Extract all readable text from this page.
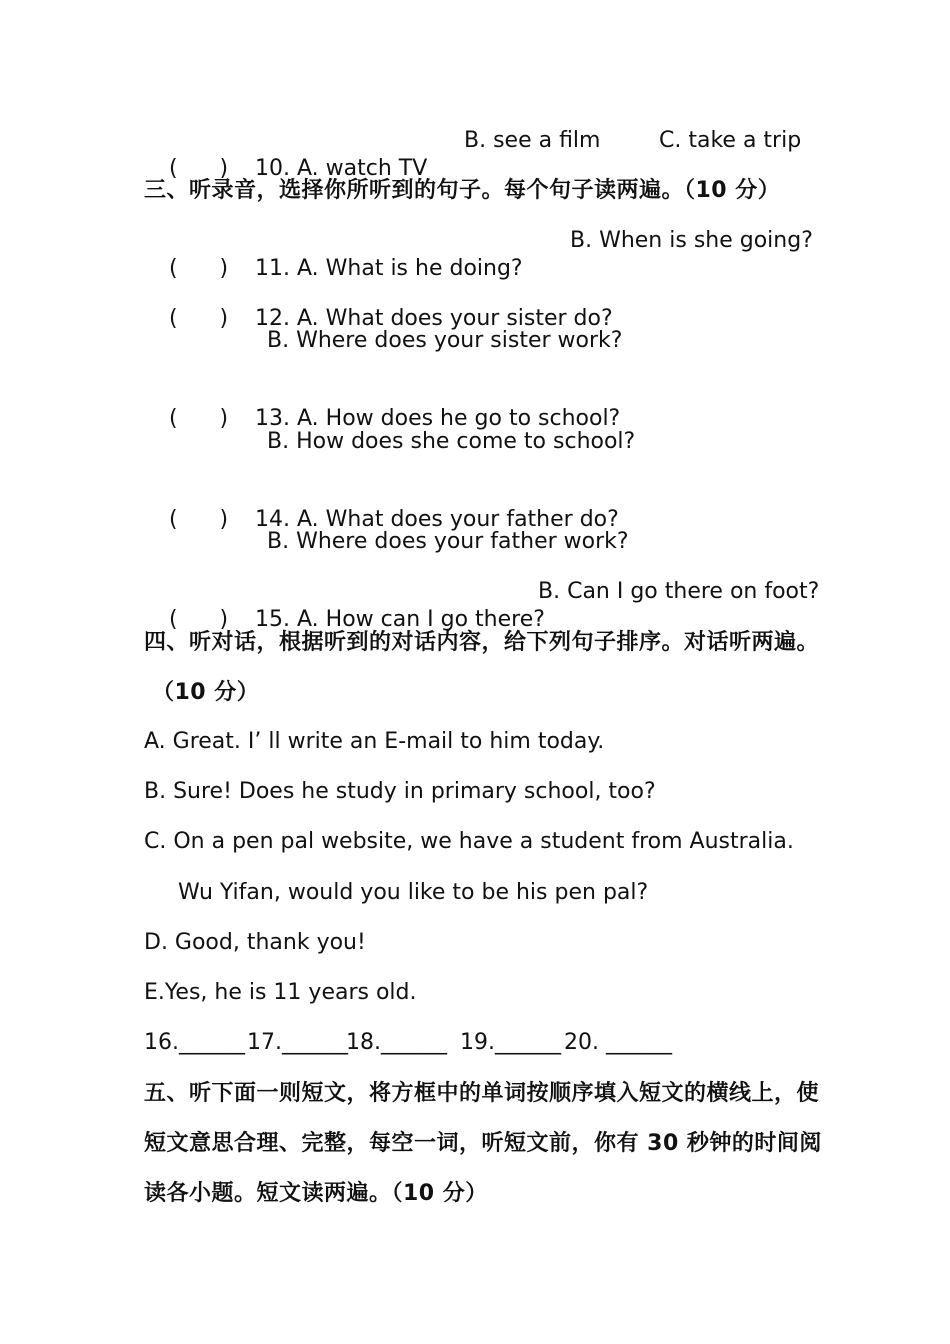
(      ) 10. A. watch TV

B. see a film	C. take a trip
三、听录音，选择你所听到的句子。每个句子读两遍。（10 分）

(      ) 11. A. What is he doing?

B. When is she going?

(      ) 12. A. What does your sister do?

B. Where does your sister work?

(      ) 13. A. How does he go to school?

B. How does she come to school?

(      ) 14. A. What does your father do?

B. Where does your father work?

(      ) 15. A. How can I go there?

B. Can I go there on foot?
四、听对话，根据听到的对话内容，给下列句子排序。对话听两遍。
（10 分）
A. Great. I’ ll write an E-mail to him today.
B. Sure! Does he study in primary school, too?
C. On a pen pal website, we have a student from Australia.
Wu Yifan, would you like to be his pen pal?
D. Good, thank you!
E.Yes, he is 11 years old.
16.______ 17.______
18.______ 19.______ 20. ______
五、听下面一则短文，将方框中的单词按顺序填入短文的横线上，使
短文意思合理、完整，每空一词，听短文前，你有 30 秒钟的时间阅
读各小题。短文读两遍。（10 分）
